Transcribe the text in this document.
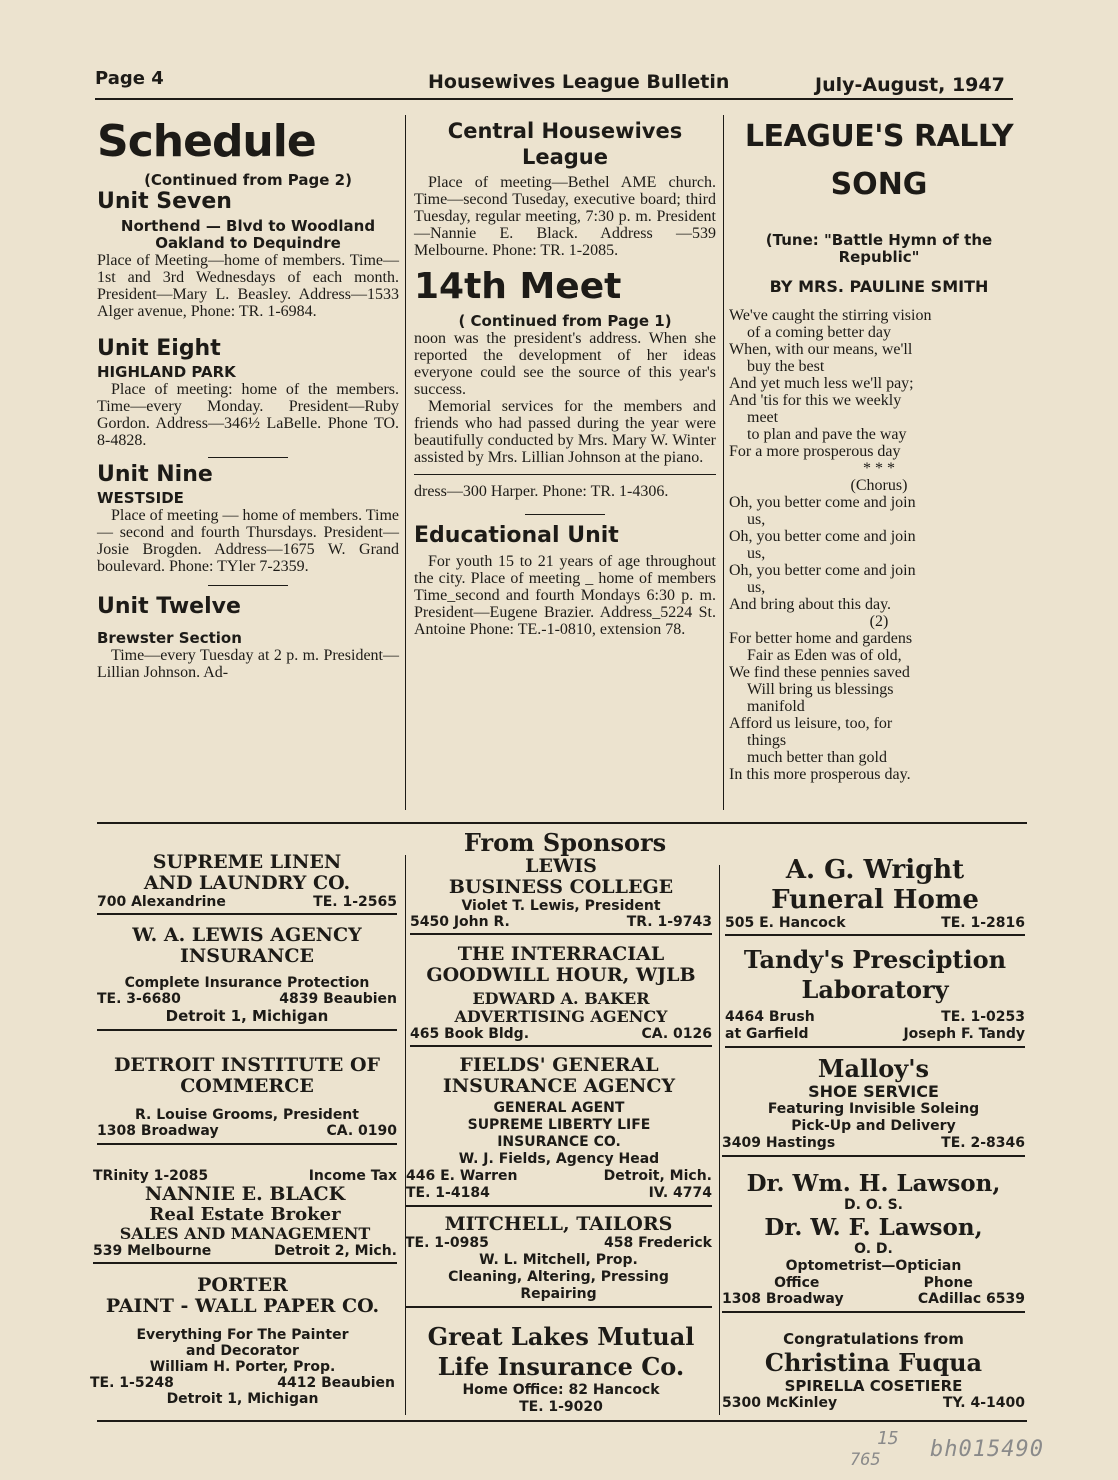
Page 4	Housewives League Bulletin	July-August, 1947
Schedule
(Continued from Page 2)
Unit Seven
Northend — Blvd to Woodland
Oakland to Dequindre

Place of Meeting—home of members. Time—1st and 3rd Wednesdays of each month. President—Mary L. Beasley. Address—1533 Alger avenue, Phone: TR. 1-6984.

Unit Eight
HIGHLAND PARK

Place of meeting: home of the members. Time—every Monday. President—Ruby Gordon. Address—346½ LaBelle. Phone TO. 8-4828.

Unit Nine
WESTSIDE

Place of meeting — home of members. Time — second and fourth Thursdays. President—Josie Brogden. Address—1675 W. Grand boulevard. Phone: TYler 7-2359.

Unit Twelve
Brewster Section

Time—every Tuesday at 2 p. m. President—Lillian Johnson. Ad-

Central Housewives League

Place of meeting—Bethel AME church. Time—second Tuseday, executive board; third Tuesday, regular meeting, 7:30 p. m. President—Nannie E. Black. Address —539 Melbourne. Phone: TR. 1-2085.

14th Meet
( Continued from Page 1)

noon was the president's address. When she reported the development of her ideas everyone could see the source of this year's success.

Memorial services for the members and friends who had passed during the year were beautifully conducted by Mrs. Mary W. Winter assisted by Mrs. Lillian Johnson at the piano.

dress—300 Harper. Phone: TR. 1-4306.

Educational Unit

For youth 15 to 21 years of age throughout the city. Place of meeting _ home of members Time_second and fourth Mondays 6:30 p. m. President—Eugene Brazier. Address_5224 St. Antoine Phone: TE.-1-0810, extension 78.

LEAGUE'S RALLY
SONG
(Tune: "Battle Hymn of the Republic"
BY MRS. PAULINE SMITH
We've caught the stirring vision
of a coming better day
When, with our means, we'll
buy the best
And yet much less we'll pay;
And 'tis for this we weekly
meet
to plan and pave the way
For a more prosperous day
* * *
(Chorus)
Oh, you better come and join
us,
Oh, you better come and join
us,
Oh, you better come and join
us,
And bring about this day.
(2)
For better home and gardens
Fair as Eden was of old,
We find these pennies saved
Will bring us blessings
manifold
Afford us leisure, too, for
things
much better than gold
In this more prosperous day.
From Sponsors
SUPREME LINEN
AND LAUNDRY CO.
700 Alexandrine	TE. 1-2565
W. A. LEWIS AGENCY
INSURANCE
Complete Insurance Protection
TE. 3-6680	4839 Beaubien
Detroit 1, Michigan
DETROIT INSTITUTE OF
COMMERCE
R. Louise Grooms, President
1308 Broadway	CA. 0190
TRinity 1-2085	Income Tax
NANNIE E. BLACK
Real Estate Broker
SALES AND MANAGEMENT
539 Melbourne	Detroit 2, Mich.
PORTER
PAINT - WALL PAPER CO.
Everything For The Painter
and Decorator
William H. Porter, Prop.
TE. 1-5248	4412 Beaubien
Detroit 1, Michigan
LEWIS
BUSINESS COLLEGE
Violet T. Lewis, President
5450 John R.	TR. 1-9743
THE INTERRACIAL
GOODWILL HOUR, WJLB
EDWARD A. BAKER
ADVERTISING AGENCY
465 Book Bldg.	CA. 0126
FIELDS' GENERAL
INSURANCE AGENCY
GENERAL AGENT
SUPREME LIBERTY LIFE
INSURANCE CO.
W. J. Fields, Agency Head
446 E. Warren	Detroit, Mich.
TE. 1-4184	IV. 4774
MITCHELL, TAILORS
TE. 1-0985	458 Frederick
W. L. Mitchell, Prop.
Cleaning, Altering, Pressing
Repairing
Great Lakes Mutual
Life Insurance Co.
Home Office: 82 Hancock
TE. 1-9020
A. G. Wright
Funeral Home
505 E. Hancock	TE. 1-2816
Tandy's Presciption
Laboratory
4464 Brush	TE. 1-0253
at Garfield	Joseph F. Tandy
Malloy's
SHOE SERVICE
Featuring Invisible Soleing
Pick-Up and Delivery
3409 Hastings	TE. 2-8346
Dr. Wm. H. Lawson,
D. O. S.
Dr. W. F. Lawson,
O. D.
Optometrist—Optician
Office	Phone
1308 Broadway	CAdillac 6539
Congratulations from
Christina Fuqua
SPIRELLA COSETIERE
5300 McKinley	TY. 4-1400
15
765 bh015490
